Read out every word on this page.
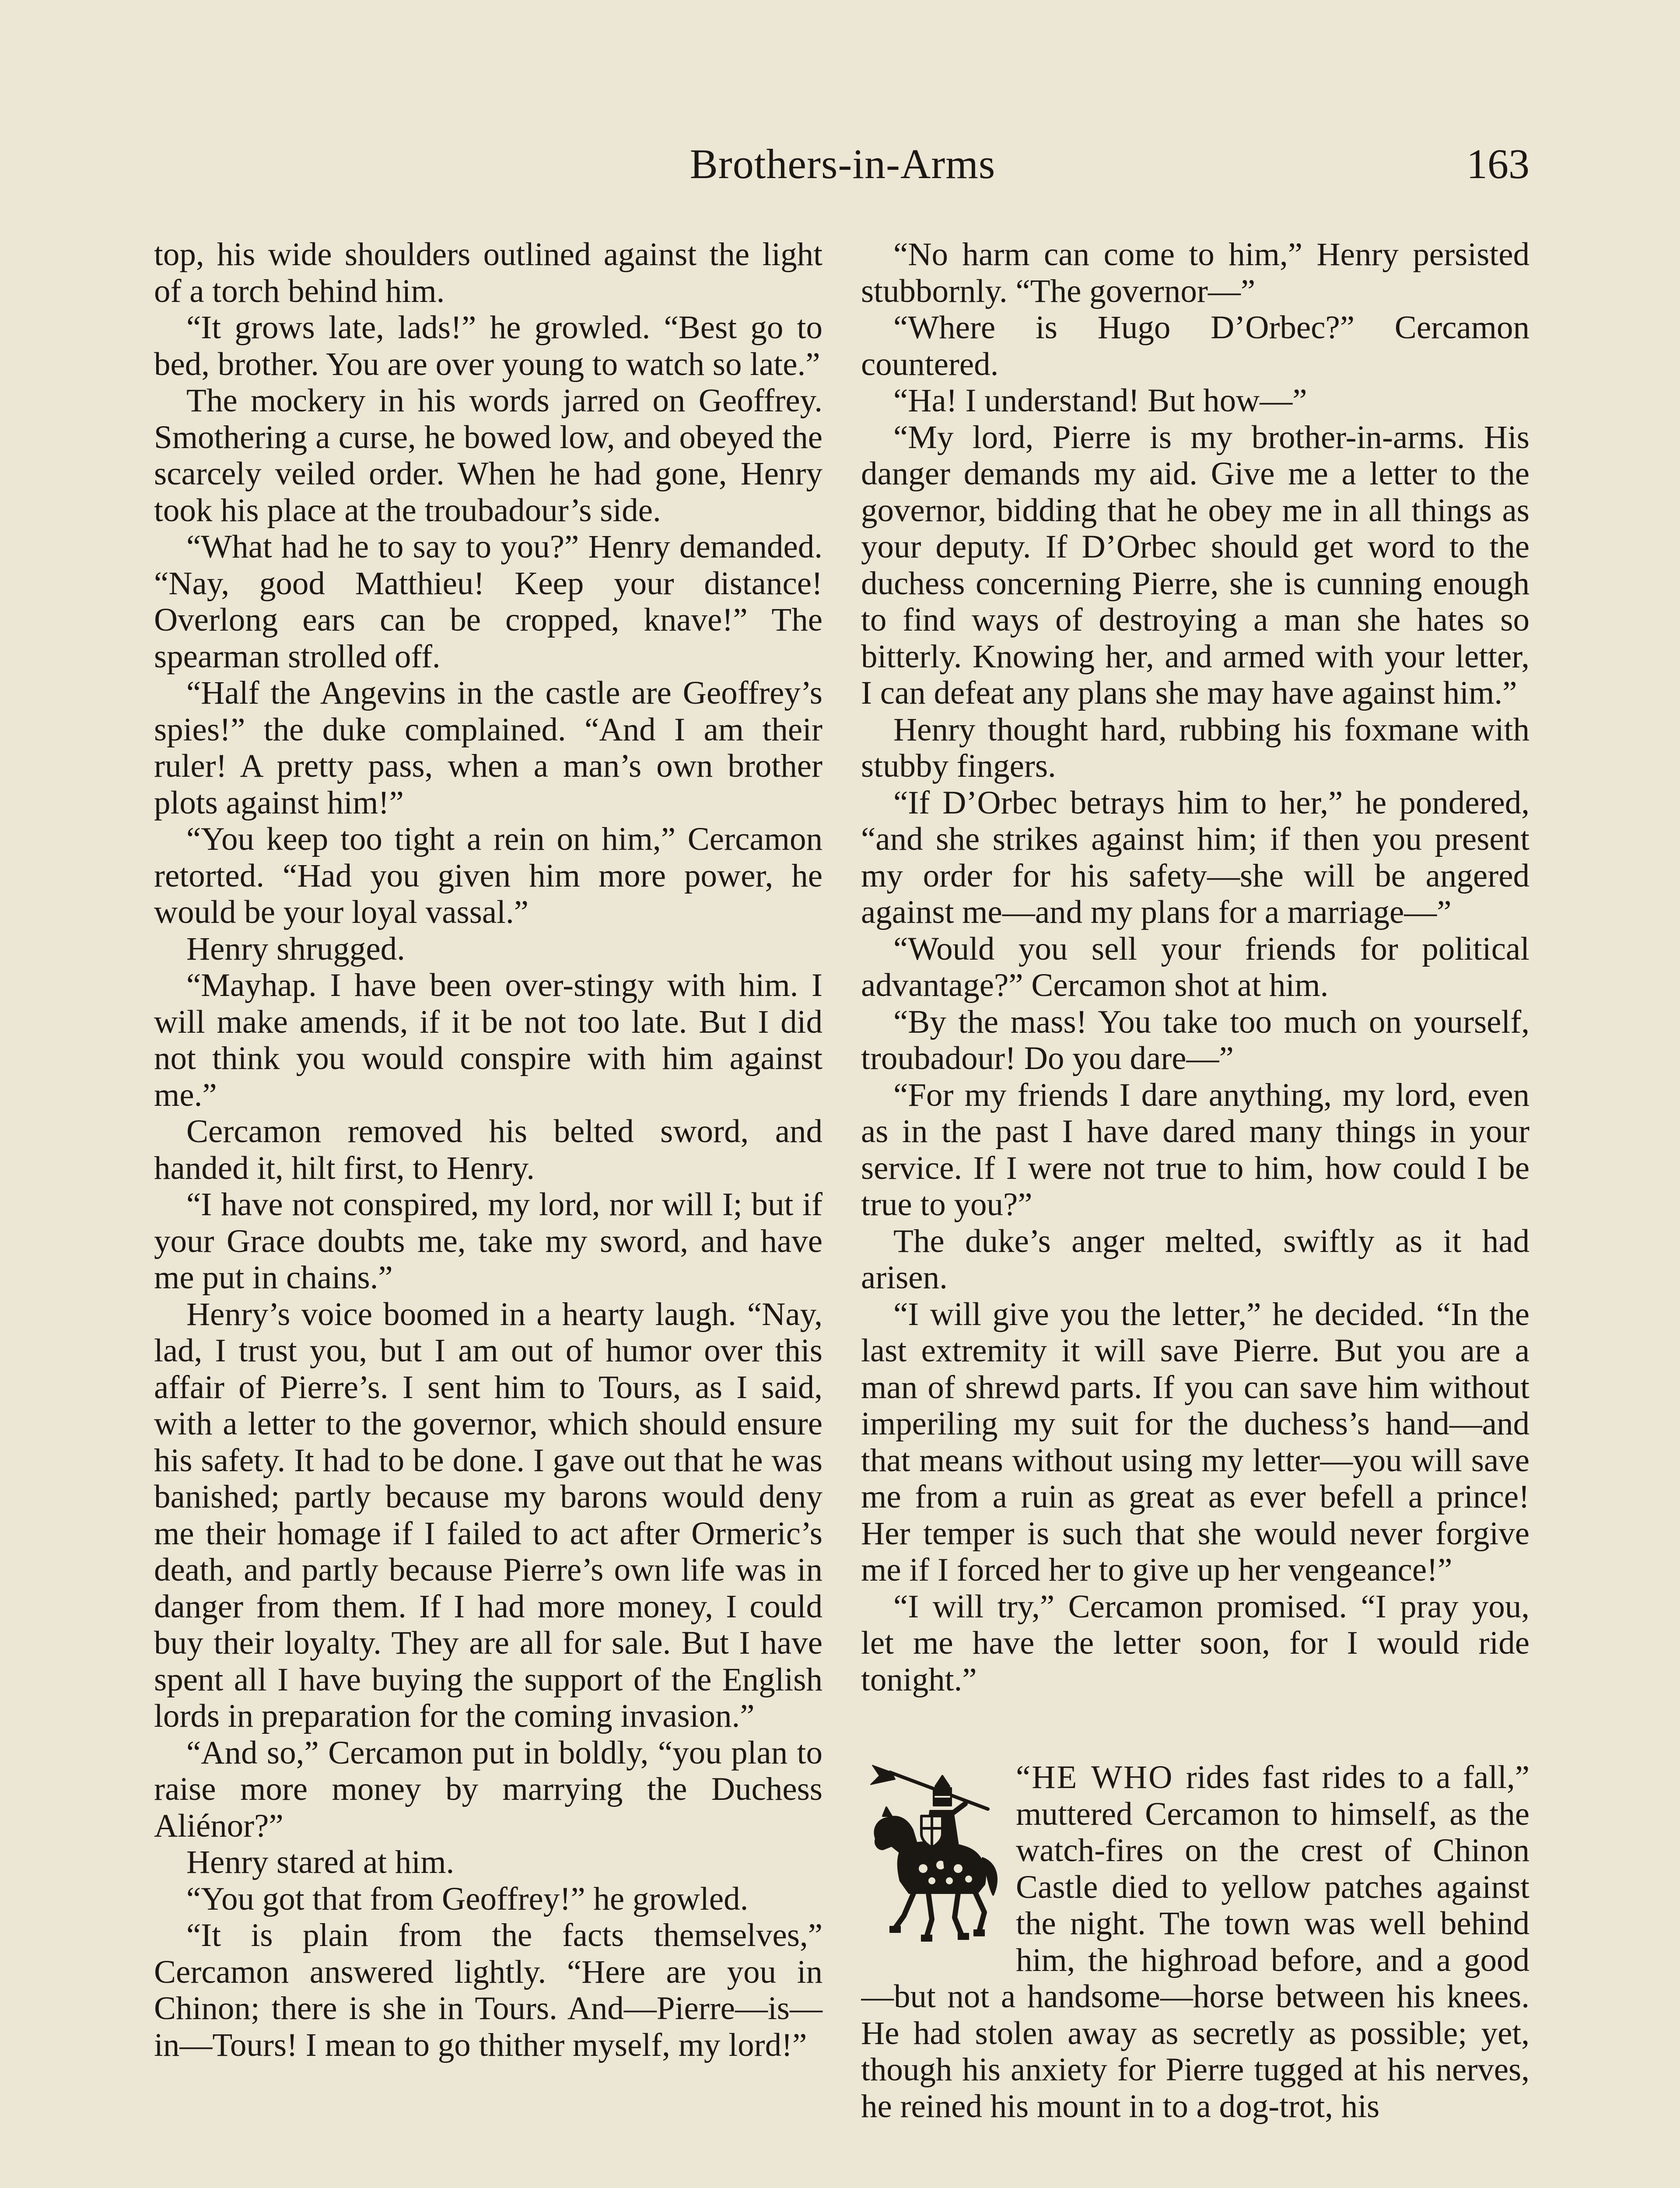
Brothers-in-Arms	163

top, his wide shoulders outlined against the light of a torch behind him.

“It grows late, lads!” he growled. “Best go to bed, brother. You are over young to watch so late.”

The mockery in his words jarred on Geoffrey. Smothering a curse, he bowed low, and obeyed the scarcely veiled order. When he had gone, Henry took his place at the troubadour’s side.

“What had he to say to you?” Henry demanded. “Nay, good Matthieu! Keep your distance! Overlong ears can be cropped, knave!” The spearman strolled off.

“Half the Angevins in the castle are Geoffrey’s spies!” the duke complained. “And I am their ruler! A pretty pass, when a man’s own brother plots against him!”

“You keep too tight a rein on him,” Cercamon retorted. “Had you given him more power, he would be your loyal vassal.”

Henry shrugged.

“Mayhap. I have been over-stingy with him. I will make amends, if it be not too late. But I did not think you would conspire with him against me.”

Cercamon removed his belted sword, and handed it, hilt first, to Henry.

“I have not conspired, my lord, nor will I; but if your Grace doubts me, take my sword, and have me put in chains.”

Henry’s voice boomed in a hearty laugh. “Nay, lad, I trust you, but I am out of humor over this affair of Pierre’s. I sent him to Tours, as I said, with a letter to the governor, which should ensure his safety. It had to be done. I gave out that he was banished; partly because my barons would deny me their homage if I failed to act after Ormeric’s death, and partly because Pierre’s own life was in danger from them. If I had more money, I could buy their loyalty. They are all for sale. But I have spent all I have buying the support of the English lords in preparation for the coming invasion.”

“And so,” Cercamon put in boldly, “you plan to raise more money by marrying the Duchess Aliénor?”

Henry stared at him.

“You got that from Geoffrey!” he growled.

“It is plain from the facts themselves,” Cercamon answered lightly. “Here are you in Chinon; there is she in Tours. And—Pierre—is—in—Tours! I mean to go thither myself, my lord!”

“No harm can come to him,” Henry persisted stubbornly. “The governor—”

“Where is Hugo D’Orbec?” Cercamon countered.

“Ha! I understand! But how—”

“My lord, Pierre is my brother-in-arms. His danger demands my aid. Give me a letter to the governor, bidding that he obey me in all things as your deputy. If D’Orbec should get word to the duchess concerning Pierre, she is cunning enough to find ways of destroying a man she hates so bitterly. Knowing her, and armed with your letter, I can defeat any plans she may have against him.”

Henry thought hard, rubbing his foxmane with stubby fingers.

“If D’Orbec betrays him to her,” he pondered, “and she strikes against him; if then you present my order for his safety—she will be angered against me—and my plans for a marriage—”

“Would you sell your friends for political advantage?” Cercamon shot at him.

“By the mass! You take too much on yourself, troubadour! Do you dare—”

“For my friends I dare anything, my lord, even as in the past I have dared many things in your service. If I were not true to him, how could I be true to you?”

The duke’s anger melted, swiftly as it had arisen.

“I will give you the letter,” he decided. “In the last extremity it will save Pierre. But you are a man of shrewd parts. If you can save him without imperiling my suit for the duchess’s hand—and that means without using my letter—you will save me from a ruin as great as ever befell a prince! Her temper is such that she would never forgive me if I forced her to give up her vengeance!”

“I will try,” Cercamon promised. “I pray you, let me have the letter soon, for I would ride tonight.”

“HE WHO rides fast rides to a fall,” muttered Cercamon to himself, as the watch-fires on the crest of Chinon Castle died to yellow patches against the night. The town was well behind him, the highroad before, and a good—but not a handsome—horse between his knees. He had stolen away as secretly as possible; yet, though his anxiety for Pierre tugged at his nerves, he reined his mount in to a dog-trot, his
